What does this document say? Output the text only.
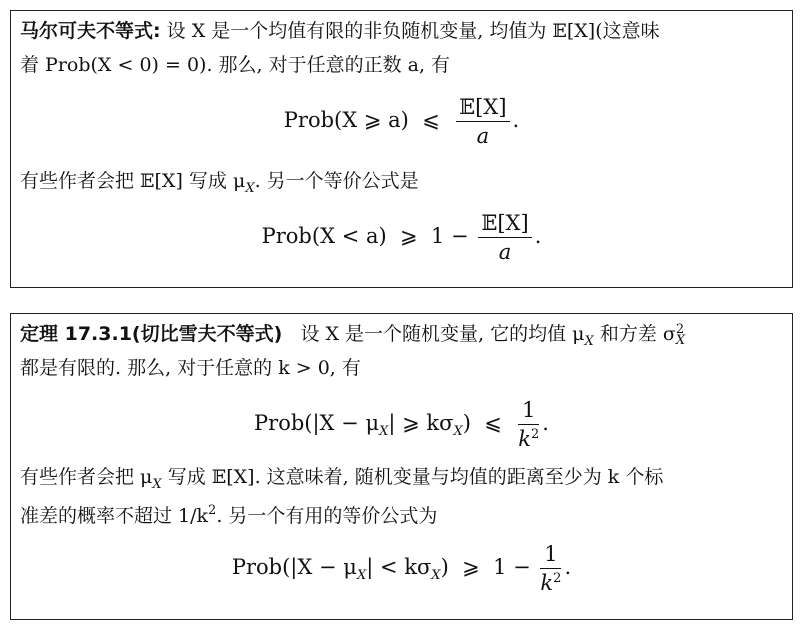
马尔可夫不等式: 设 X 是一个均值有限的非负随机变量, 均值为 𝔼[X](这意味
着 Prob(X < 0) = 0). 那么, 对于任意的正数 a, 有
Prob(X ⩾ a) ⩽ $\frac{\text{𝔼[X]}}{a}$ .
有些作者会把 𝔼[X] 写成 $\mu_X$. 另一个等价公式是
Prob(X < a) ⩾ $1 - \frac{\text{𝔼[X]}}{a}$ .
定理 17.3.1(切比雪夫不等式) 设 X 是一个随机变量, 它的均值 $\mu_X$ 和方差 σ 2
X
都是有限的. 那么, 对于任意的 k > 0, 有
Prob(|X − $\mu_X|$ ⩾ $k\sigma_X$) ⩽ $\frac{1}{k^2}$ .
有些作者会把 $\mu_X$ 写成 𝔼[X]. 这意味着, 随机变量与均值的距离至少为 k 个标
准差的概率不超过 $1/k^2$. 另一个有用的等价公式为
Prob(|X − $\mu_X| < k\sigma_X$) ⩾ $1 - \frac{1}{k^2}$ .
